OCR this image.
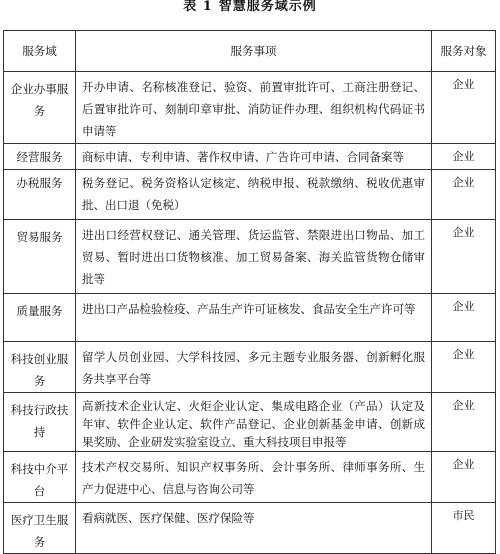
表 1 智慧服务域示例
服务域	服务事项	服务对象
企业办事服务	开办申请、名称核准登记、验资、前置审批许可、工商注册登记、后置审批许可、刻制印章审批、消防证件办理、组织机构代码证书申请等	企业
经营服务	商标申请、专利申请、著作权申请、广告许可申请、合同备案等	企业
办税服务	税务登记、税务资格认定核定、纳税申报、税款缴纳、税收优惠审批、出口退（免税）	企业
贸易服务	进出口经营权登记、通关管理、货运监管、禁限进出口物品、加工贸易、暂时进出口货物核准、加工贸易备案、海关监管货物仓储审批等	企业
质量服务	进出口产品检验检疫、产品生产许可证核发、食品安全生产许可等	企业
科技创业服务	留学人员创业园、大学科技园、多元主题专业服务器、创新孵化服务共享平台等	企业
科技行政扶持	高新技术企业认定、火炬企业认定、集成电路企业（产品）认定及年审、软件企业认定、软件产品登记、企业创新基金申请、创新成果奖励、企业研发实验室设立、重大科技项目申报等	企业
科技中介平台	技术产权交易所、知识产权事务所、会计事务所、律师事务所、生产力促进中心、信息与咨询公司等	企业
医疗卫生服务	看病就医、医疗保健、医疗保险等	市民
